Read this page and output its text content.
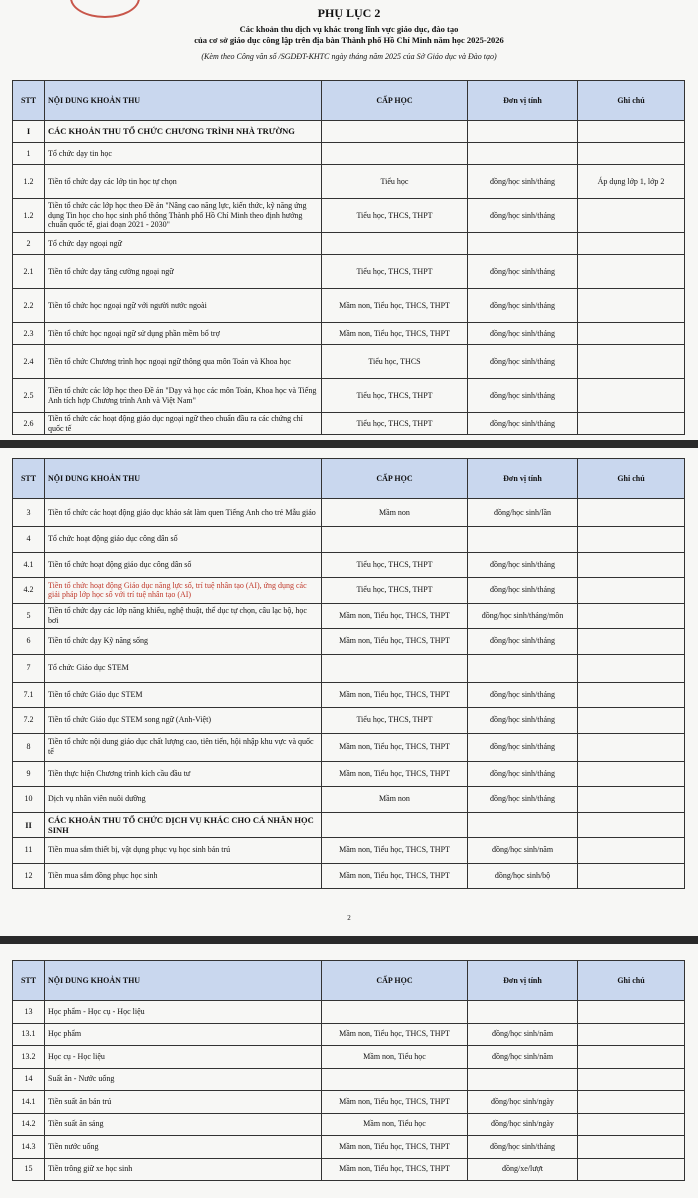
PHỤ LỤC 2
Các khoản thu dịch vụ khác trong lĩnh vực giáo dục, đào tạo
của cơ sở giáo dục công lập trên địa bàn Thành phố Hồ Chí Minh năm học 2025-2026
(Kèm theo Công văn số /SGDĐT-KHTC ngày tháng năm 2025 của Sở Giáo dục và Đào tạo)
STT	NỘI DUNG KHOẢN THU	CẤP HỌC	Đơn vị tính	Ghi chú
I	CÁC KHOẢN THU TỔ CHỨC CHƯƠNG TRÌNH NHÀ TRƯỜNG			
1	Tổ chức dạy tin học			
1.2	Tiền tổ chức dạy các lớp tin học tự chọn	Tiểu học	đồng/học sinh/tháng	Áp dụng lớp 1, lớp 2
1.2	Tiền tổ chức các lớp học theo Đề án "Nâng cao năng lực, kiến thức, kỹ năng ứng dụng Tin học cho học sinh phổ thông Thành phố Hồ Chí Minh theo định hướng chuẩn quốc tế, giai đoạn 2021 - 2030"	Tiểu học, THCS, THPT	đồng/học sinh/tháng	
2	Tổ chức dạy ngoại ngữ			
2.1	Tiền tổ chức dạy tăng cường ngoại ngữ	Tiểu học, THCS, THPT	đồng/học sinh/tháng	
2.2	Tiền tổ chức học ngoại ngữ với người nước ngoài	Mầm non, Tiểu học, THCS, THPT	đồng/học sinh/tháng	
2.3	Tiền tổ chức học ngoại ngữ sử dụng phần mềm bổ trợ	Mầm non, Tiểu học, THCS, THPT	đồng/học sinh/tháng	
2.4	Tiền tổ chức Chương trình học ngoại ngữ thông qua môn Toán và Khoa học	Tiểu học, THCS	đồng/học sinh/tháng	
2.5	Tiền tổ chức các lớp học theo Đề án "Dạy và học các môn Toán, Khoa học và Tiếng Anh tích hợp Chương trình Anh và Việt Nam"	Tiểu học, THCS, THPT	đồng/học sinh/tháng	
2.6	Tiền tổ chức các hoạt động giáo dục ngoại ngữ theo chuẩn đầu ra các chứng chỉ quốc tế	Tiểu học, THCS, THPT	đồng/học sinh/tháng	
STT	NỘI DUNG KHOẢN THU	CẤP HỌC	Đơn vị tính	Ghi chú
3	Tiền tổ chức các hoạt động giáo dục khảo sát làm quen Tiếng Anh cho trẻ Mẫu giáo	Mầm non	đồng/học sinh/lần	
4	Tổ chức hoạt động giáo dục công dân số			
4.1	Tiền tổ chức hoạt động giáo dục công dân số	Tiểu học, THCS, THPT	đồng/học sinh/tháng	
4.2	Tiền tổ chức hoạt động Giáo dục năng lực số, trí tuệ nhân tạo (AI), ứng dụng các giải pháp lớp học số với trí tuệ nhân tạo (AI)	Tiểu học, THCS, THPT	đồng/học sinh/tháng	
5	Tiền tổ chức dạy các lớp năng khiếu, nghệ thuật, thể dục tự chọn, câu lạc bộ, học bơi	Mầm non, Tiểu học, THCS, THPT	đồng/học sinh/tháng/môn	
6	Tiền tổ chức dạy Kỹ năng sống	Mầm non, Tiểu học, THCS, THPT	đồng/học sinh/tháng	
7	Tổ chức Giáo dục STEM			
7.1	Tiền tổ chức Giáo dục STEM	Mầm non, Tiểu học, THCS, THPT	đồng/học sinh/tháng	
7.2	Tiền tổ chức Giáo dục STEM song ngữ (Anh-Việt)	Tiểu học, THCS, THPT	đồng/học sinh/tháng	
8	Tiền tổ chức nội dung giáo dục chất lượng cao, tiên tiến, hội nhập khu vực và quốc tế	Mầm non, Tiểu học, THCS, THPT	đồng/học sinh/tháng	
9	Tiền thực hiện Chương trình kích cầu đầu tư	Mầm non, Tiểu học, THCS, THPT	đồng/học sinh/tháng	
10	Dịch vụ nhân viên nuôi dưỡng	Mầm non	đồng/học sinh/tháng	
II	CÁC KHOẢN THU TỔ CHỨC DỊCH VỤ KHÁC CHO CÁ NHÂN HỌC SINH			
11	Tiền mua sắm thiết bị, vật dụng phục vụ học sinh bán trú	Mầm non, Tiểu học, THCS, THPT	đồng/học sinh/năm	
12	Tiền mua sắm đồng phục học sinh	Mầm non, Tiểu học, THCS, THPT	đồng/học sinh/bộ	
2
STT	NỘI DUNG KHOẢN THU	CẤP HỌC	Đơn vị tính	Ghi chú
13	Học phẩm - Học cụ - Học liệu			
13.1	Học phẩm	Mầm non, Tiểu học, THCS, THPT	đồng/học sinh/năm	
13.2	Học cụ - Học liệu	Mầm non, Tiểu học	đồng/học sinh/năm	
14	Suất ăn - Nước uống			
14.1	Tiền suất ăn bán trú	Mầm non, Tiểu học, THCS, THPT	đồng/học sinh/ngày	
14.2	Tiền suất ăn sáng	Mầm non, Tiểu học	đồng/học sinh/ngày	
14.3	Tiền nước uống	Mầm non, Tiểu học, THCS, THPT	đồng/học sinh/tháng	
15	Tiền trông giữ xe học sinh	Mầm non, Tiểu học, THCS, THPT	đồng/xe/lượt	
